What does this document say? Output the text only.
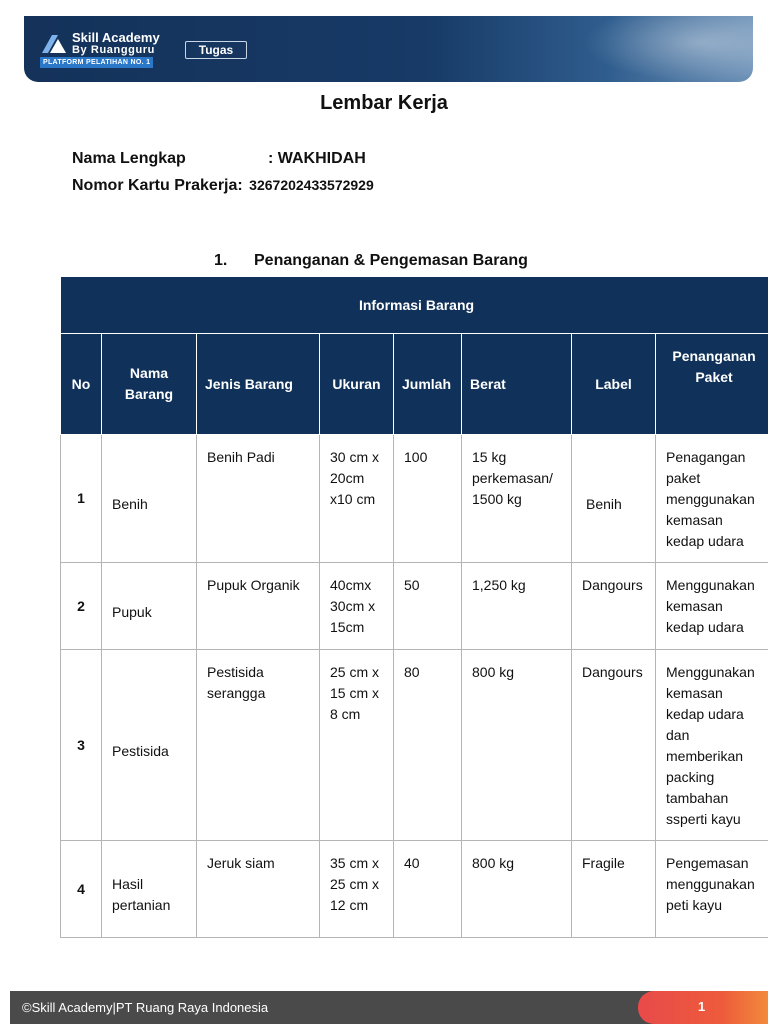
Skill Academy
By Ruangguru
PLATFORM PELATIHAN NO. 1
Tugas
Lembar Kerja
Nama Lengkap	: WAKHIDAH
Nomor Kartu Prakerja: 3267202433572929
1. Penanganan & Pengemasan Barang
Informasi Barang							
No	Nama Barang	Jenis Barang	Ukuran	Jumlah	Berat	Label	Penanganan Paket
1	Benih	Benih Padi	30 cm x 20cm x10 cm	100	15 kg perkemasan/ 1500 kg	Benih	Penagangan paket menggunakan kemasan kedap udara
2	Pupuk	Pupuk Organik	40cmx 30cm x 15cm	50	1,250 kg	Dangours	Menggunakan kemasan kedap udara
3	Pestisida	Pestisida serangga	25 cm x 15 cm x 8 cm	80	800 kg	Dangours	Menggunakan kemasan kedap udara dan memberikan packing tambahan ssperti kayu
4	Hasil pertanian	Jeruk siam	35 cm x 25 cm x 12 cm	40	800 kg	Fragile	Pengemasan menggunakan peti kayu
©Skill Academy|PT Ruang Raya Indonesia	1
